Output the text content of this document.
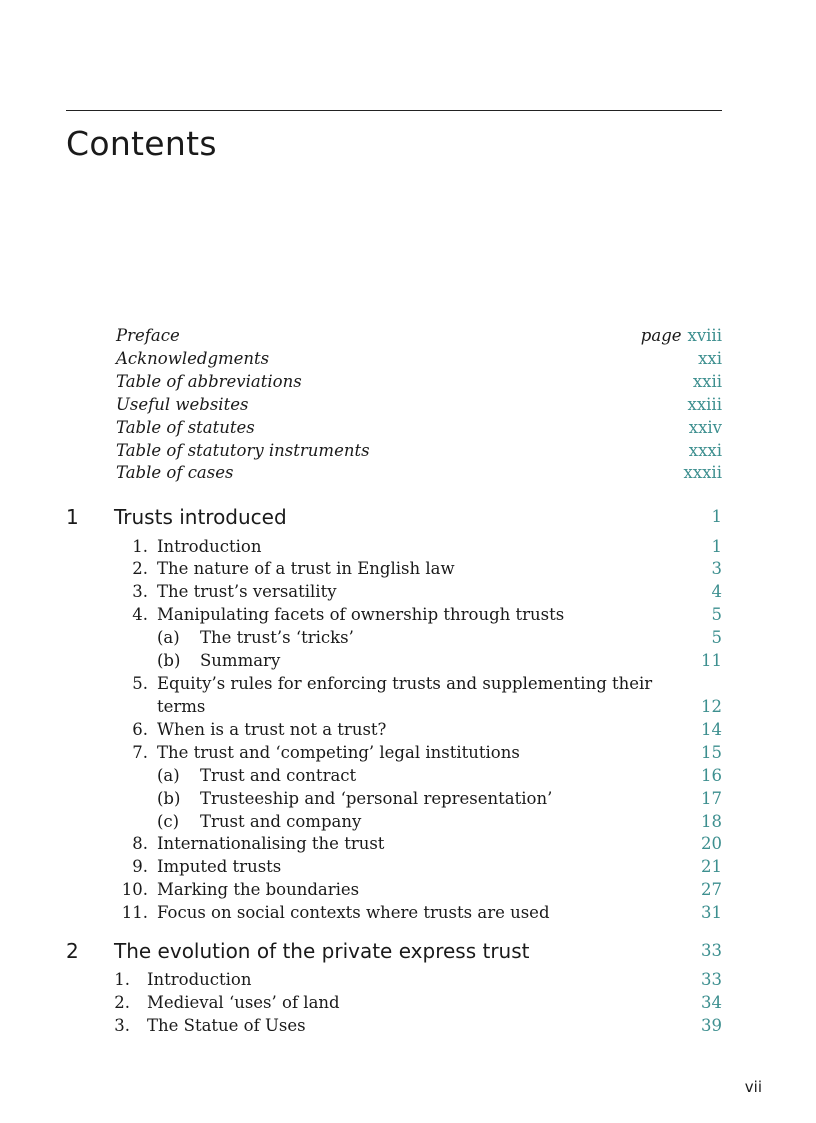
Contents
Preface	page xviii
Acknowledgments	xxi
Table of abbreviations	xxii
Useful websites	xxiii
Table of statutes	xxiv
Table of statutory instruments	xxxi
Table of cases	xxxii
1 Trusts introduced	1
1. Introduction	1
2. The nature of a trust in English law	3
3. The trust’s versatility	4
4. Manipulating facets of ownership through trusts	5
(a) The trust’s ‘tricks’	5
(b) Summary	11
5. Equity’s rules for enforcing trusts and supplementing their
terms	12
6. When is a trust not a trust?	14
7. The trust and ‘competing’ legal institutions	15
(a) Trust and contract	16
(b) Trusteeship and ‘personal representation’	17
(c) Trust and company	18
8. Internationalising the trust	20
9. Imputed trusts	21
10. Marking the boundaries	27
11. Focus on social contexts where trusts are used	31
2 The evolution of the private express trust	33
1. Introduction	33
2. Medieval ‘uses’ of land	34
3. The Statue of Uses	39
vii
